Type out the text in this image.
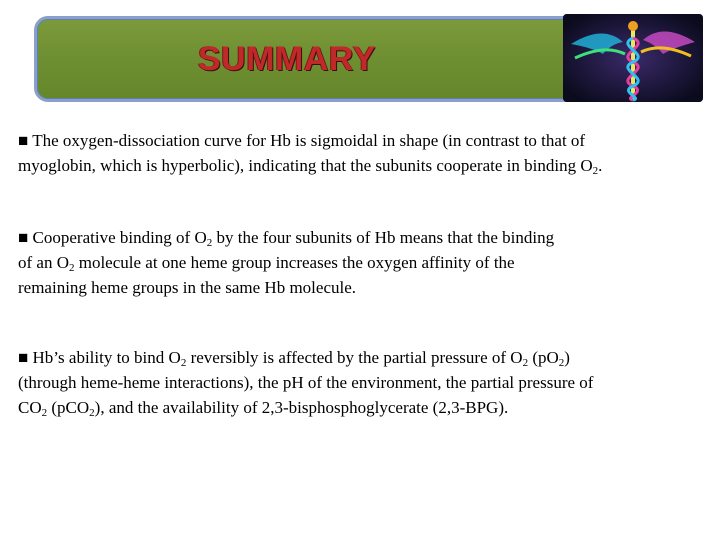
SUMMARY

■ The oxygen-dissociation curve for Hb is sigmoidal in shape (in contrast to that of
myoglobin, which is hyperbolic), indicating that the subunits cooperate in binding $O_2$.

■ Cooperative binding of $O_2$ by the four subunits of Hb means that the binding
of an $O_2$ molecule at one heme group increases the oxygen affinity of the
remaining heme groups in the same Hb molecule.

■ Hb’s ability to bind $O_2$ reversibly is affected by the partial pressure of $O_2$ $(pO_2)$
(through heme-heme interactions), the pH of the environment, the partial pressure of
$CO_2$ (pCO$_2$), and the availability of 2,3-bisphosphoglycerate (2,3-BPG).
